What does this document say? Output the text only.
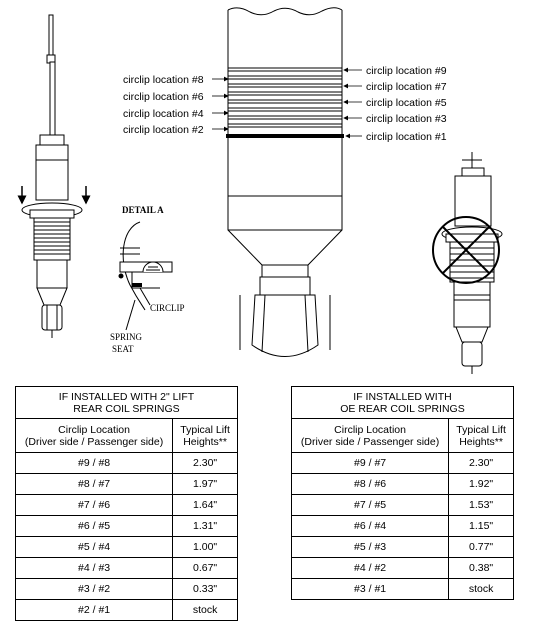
DETAIL A
CIRCLIP
SPRING
SEAT
circlip location #8
circlip location #6
circlip location #4
circlip location #2
circlip location #9
circlip location #7
circlip location #5
circlip location #3
circlip location #1
IF INSTALLED WITH 2" LIFT
REAR COIL SPRINGS	
Circlip Location
(Driver side / Passenger side)	Typical Lift
Heights**
#9 / #8	2.30"
#8 / #7	1.97"
#7 / #6	1.64"
#6 / #5	1.31"
#5 / #4	1.00"
#4 / #3	0.67"
#3 / #2	0.33"
#2 / #1	stock
IF INSTALLED WITH
OE REAR COIL SPRINGS	
Circlip Location
(Driver side / Passenger side)	Typical Lift
Heights**
#9 / #7	2.30"
#8 / #6	1.92"
#7 / #5	1.53"
#6 / #4	1.15"
#5 / #3	0.77"
#4 / #2	0.38"
#3 / #1	stock
